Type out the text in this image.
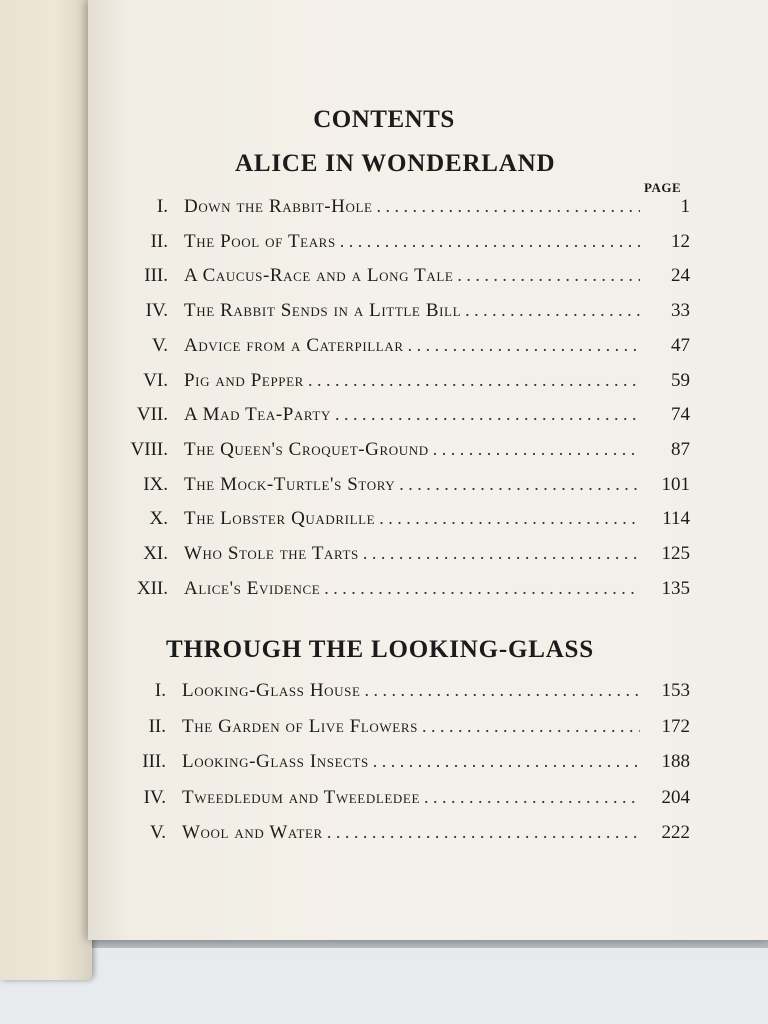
CONTENTS
ALICE IN WONDERLAND
PAGE
I. Down the Rabbit-Hole . . .	1
II. The Pool of Tears . . .	12
III. A Caucus-Race and a Long Tale . . .	24
IV. The Rabbit Sends in a Little Bill . . .	33
V. Advice from a Caterpillar . . .	47
VI. Pig and Pepper . . .	59
VII. A Mad Tea-Party . . .	74
VIII. The Queen's Croquet-Ground . . .	87
IX. The Mock-Turtle's Story . . .	101
X. The Lobster Quadrille . . .	114
XI. Who Stole the Tarts . . .	125
XII. Alice's Evidence . . .	135
THROUGH THE LOOKING-GLASS
I. Looking-Glass House . . .	153
II. The Garden of Live Flowers . . .	172
III. Looking-Glass Insects . . .	188
IV. Tweedledum and Tweedledee . . .	204
V. Wool and Water . . .	222
